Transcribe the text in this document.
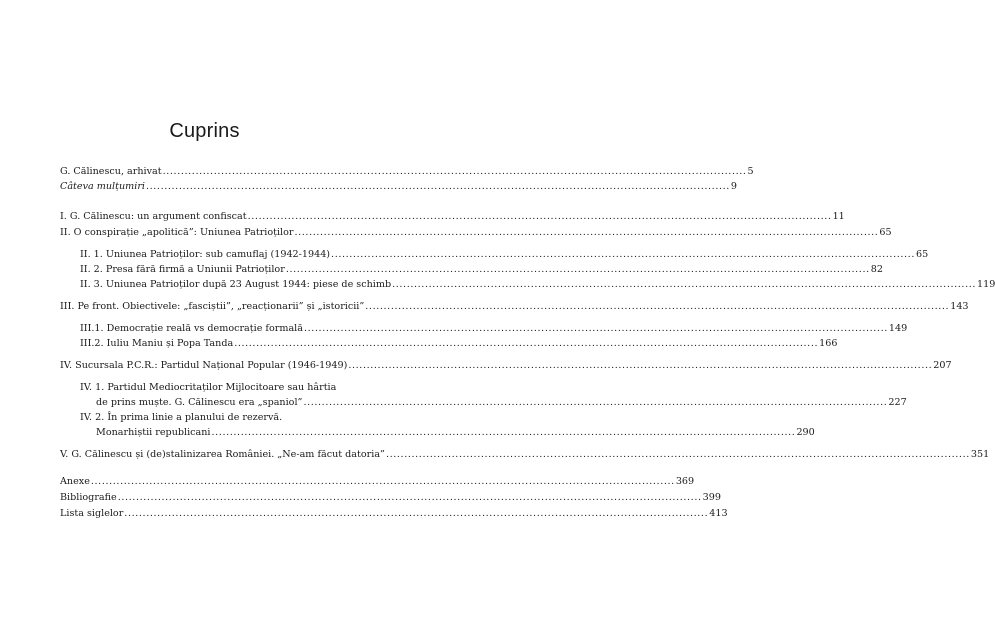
Cuprins
G. Călinescu, arhivat .....	5
Câteva mulțumiri .....	9
I. G. Călinescu: un argument confiscat .....	11
II. O conspirație „apolitică”: Uniunea Patrioților .....	65
II. 1. Uniunea Patrioților: sub camuflaj (1942-1944) .....	65
II. 2. Presa fără firmă a Uniunii Patrioților .....	82
II. 3. Uniunea Patrioților după 23 August 1944: piese de schimb .....	119
III. Pe front. Obiectivele: „fasciștii”, „reacționarii” și „istoricii” .....	143
III.1. Democrație reală vs democrație formală .....	149
III.2. Iuliu Maniu și Popa Tanda .....	166
IV. Sucursala P.C.R.: Partidul Național Popular (1946-1949) .....	207
IV. 1. Partidul Mediocritaților Mijlocitoare sau hârtia
de prins muște. G. Călinescu era „spaniol” .....	227
IV. 2. În prima linie a planului de rezervă.
Monarhiștii republicani .....	290
V. G. Călinescu și (de)stalinizarea României. „Ne-am făcut datoria” .....	351
Anexe .....	369
Bibliografie .....	399
Lista siglelor .....	413
